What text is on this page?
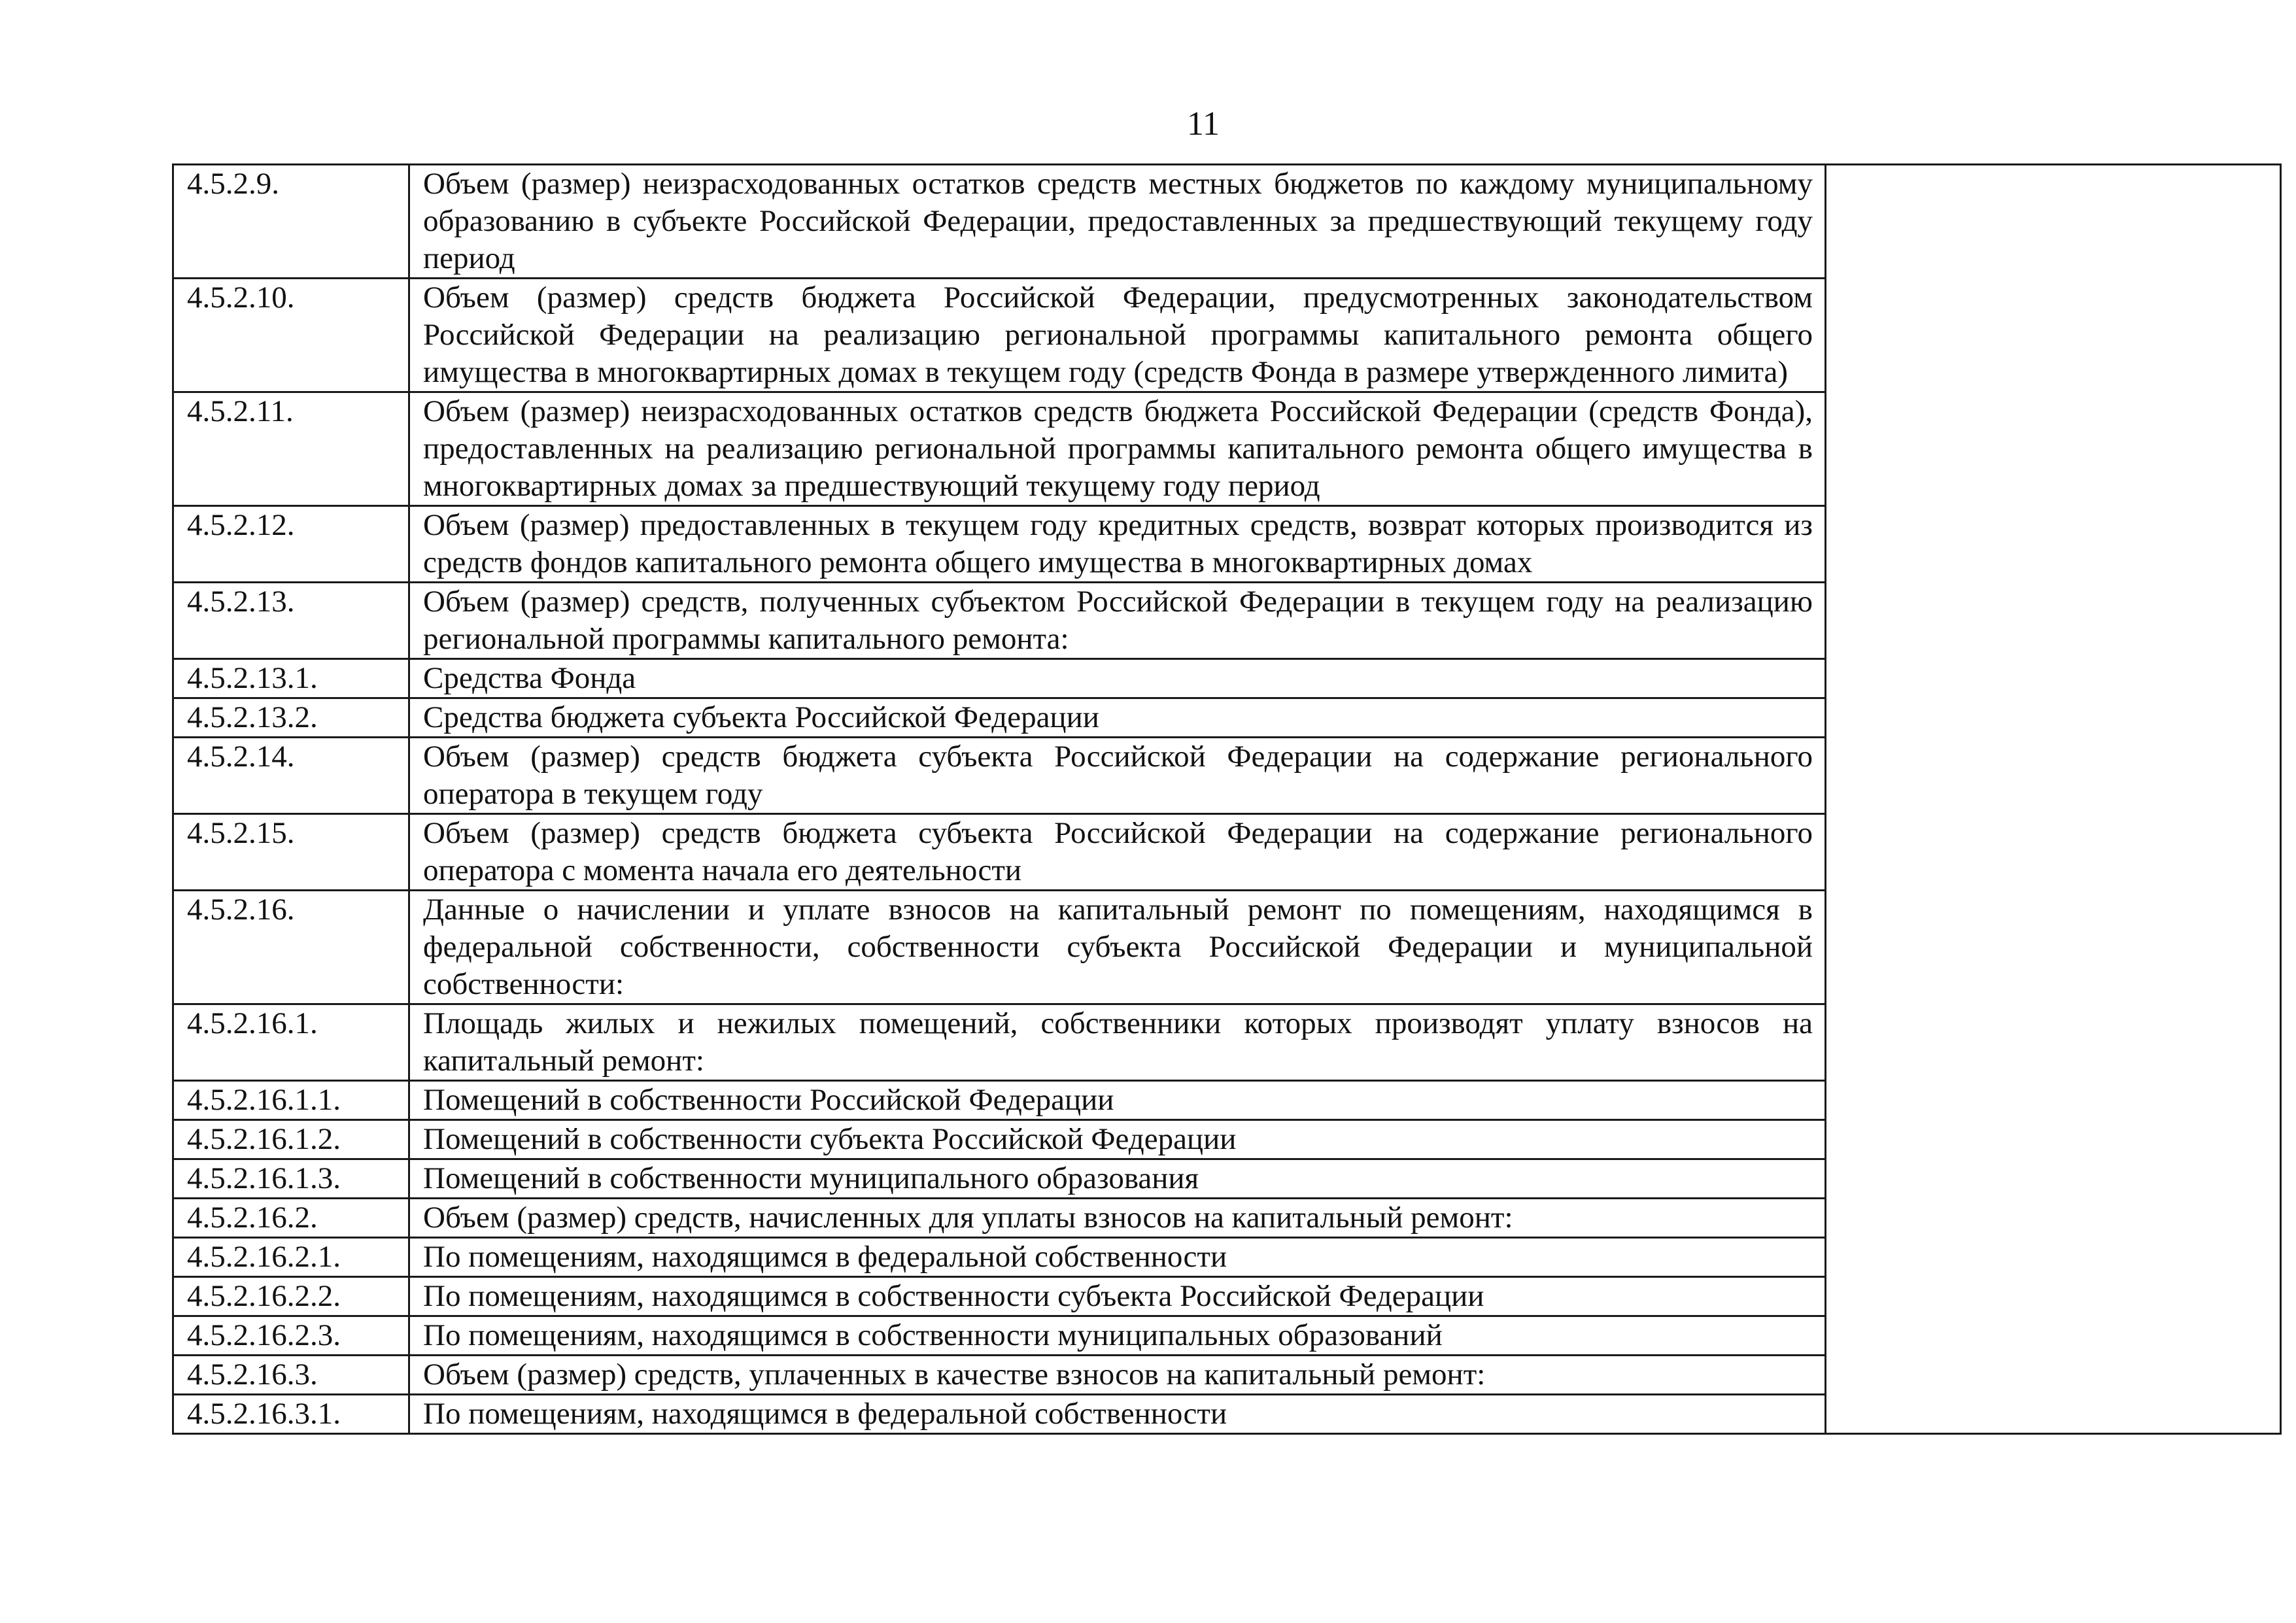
11
4.5.2.9.	Объем (размер) неизрасходованных остатков средств местных бюджетов по каждому муниципальному образованию в субъекте Российской Федерации, предоставленных за предшествующий текущему году период	

4.5.2.10.	Объем (размер) средств бюджета Российской Федерации, предусмотренных законодательством Российской Федерации на реализацию региональной программы капитального ремонта общего имущества в многоквартирных домах в текущем году (средств Фонда в размере утвержденного лимита)	

4.5.2.11.	Объем (размер) неизрасходованных остатков средств бюджета Российской Федерации (средств Фонда), предоставленных на реализацию региональной программы капитального ремонта общего имущества в многоквартирных домах за предшествующий текущему году период	

4.5.2.12.	Объем (размер) предоставленных в текущем году кредитных средств, возврат которых производится из средств фондов капитального ремонта общего имущества в многоквартирных домах	

4.5.2.13.	Объем (размер) средств, полученных субъектом Российской Федерации в текущем году на реализацию региональной программы капитального ремонта:	

4.5.2.13.1.	Средства Фонда	

4.5.2.13.2.	Средства бюджета субъекта Российской Федерации	

4.5.2.14.	Объем (размер) средств бюджета субъекта Российской Федерации на содержание регионального оператора в текущем году	

4.5.2.15.	Объем (размер) средств бюджета субъекта Российской Федерации на содержание регионального оператора с момента начала его деятельности	

4.5.2.16.	Данные о начислении и уплате взносов на капитальный ремонт по помещениям, находящимся в федеральной собственности, собственности субъекта Российской Федерации и муниципальной собственности:	

4.5.2.16.1.	Площадь жилых и нежилых помещений, собственники которых производят уплату взносов на капитальный ремонт:	

4.5.2.16.1.1.	Помещений в собственности Российской Федерации	

4.5.2.16.1.2.	Помещений в собственности субъекта Российской Федерации	

4.5.2.16.1.3.	Помещений в собственности муниципального образования	

4.5.2.16.2.	Объем (размер) средств, начисленных для уплаты взносов на капитальный ремонт:	

4.5.2.16.2.1.	По помещениям, находящимся в федеральной собственности	

4.5.2.16.2.2.	По помещениям, находящимся в собственности субъекта Российской Федерации	

4.5.2.16.2.3.	По помещениям, находящимся в собственности муниципальных образований	

4.5.2.16.3.	Объем (размер) средств, уплаченных в качестве взносов на капитальный ремонт:	

4.5.2.16.3.1.	По помещениям, находящимся в федеральной собственности	
